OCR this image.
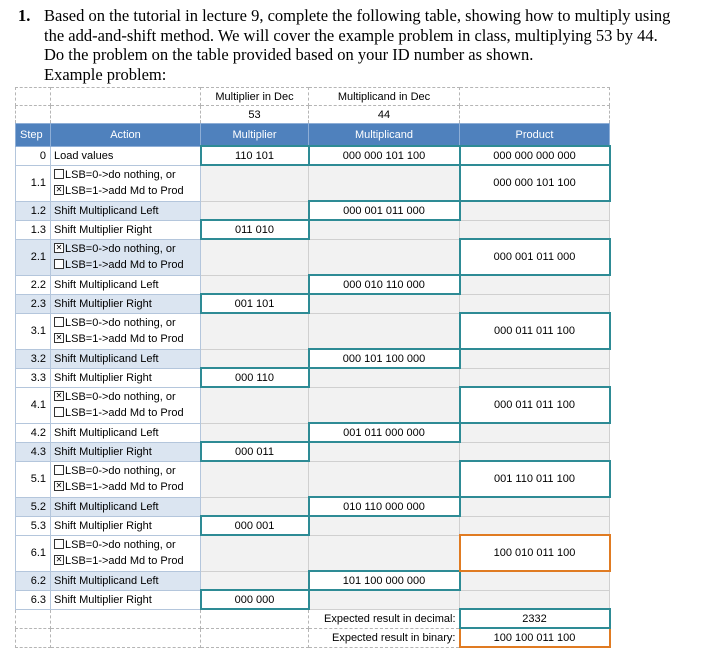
1. Based on the tutorial in lecture 9, complete the following table, showing how to multiply using
the add-and-shift method. We will cover the example problem in class, multiplying 53 by 44.
Do the problem on the table provided based on your ID number as shown.
Example problem:
		Multiplier in Dec	Multiplicand in Dec	
		53	44	
Step	Action	Multiplier	Multiplicand	Product
0	Load values	110 101	000 000 101 100	000 000 000 000
1.1	LSB=0->do nothing, or
✕LSB=1->add Md to Prod			000 000 101 100
1.2	Shift Multiplicand Left		000 001 011 000	
1.3	Shift Multiplier Right	011 010		
2.1	
✕LSB=0->do nothing, or
LSB=1->add Md to Prod			000 001 011 000
2.2	Shift Multiplicand Left		000 010 110 000	
2.3	Shift Multiplier Right	001 101		
3.1	LSB=0->do nothing, or
✕LSB=1->add Md to Prod			000 011 011 100
3.2	Shift Multiplicand Left		000 101 100 000	
3.3	Shift Multiplier Right	000 110		
4.1	
✕LSB=0->do nothing, or
LSB=1->add Md to Prod			000 011 011 100
4.2	Shift Multiplicand Left		001 011 000 000	
4.3	Shift Multiplier Right	000 011		
5.1	LSB=0->do nothing, or
✕LSB=1->add Md to Prod			001 110 011 100
5.2	Shift Multiplicand Left		010 110 000 000	
5.3	Shift Multiplier Right	000 001		
6.1	LSB=0->do nothing, or
✕LSB=1->add Md to Prod			100 010 011 100
6.2	Shift Multiplicand Left		101 100 000 000	
6.3	Shift Multiplier Right	000 000		
			Expected result in decimal:	2332
			Expected result in binary:	100 100 011 100
